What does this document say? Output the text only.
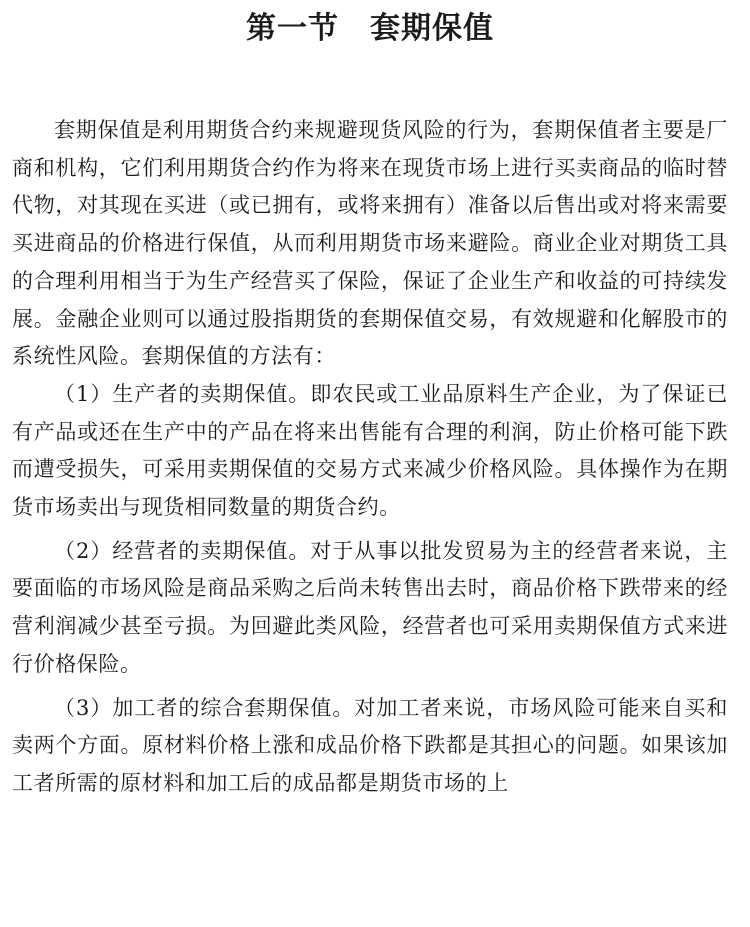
第一节　套期保值

套期保值是利用期货合约来规避现货风险的行为，套期保值者主要是厂商和机构，它们利用期货合约作为将来在现货市场上进行买卖商品的临时替代物，对其现在买进（或已拥有，或将来拥有）准备以后售出或对将来需要买进商品的价格进行保值，从而利用期货市场来避险。商业企业对期货工具的合理利用相当于为生产经营买了保险，保证了企业生产和收益的可持续发展。金融企业则可以通过股指期货的套期保值交易，有效规避和化解股市的系统性风险。套期保值的方法有：

（1）生产者的卖期保值。即农民或工业品原料生产企业，为了保证已有产品或还在生产中的产品在将来出售能有合理的利润，防止价格可能下跌而遭受损失，可采用卖期保值的交易方式来减少价格风险。具体操作为在期货市场卖出与现货相同数量的期货合约。

（2）经营者的卖期保值。对于从事以批发贸易为主的经营者来说，主要面临的市场风险是商品采购之后尚未转售出去时，商品价格下跌带来的经营利润减少甚至亏损。为回避此类风险，经营者也可采用卖期保值方式来进行价格保险。

（3）加工者的综合套期保值。对加工者来说，市场风险可能来自买和卖两个方面。原材料价格上涨和成品价格下跌都是其担心的问题。如果该加工者所需的原材料和加工后的成品都是期货市场的上
